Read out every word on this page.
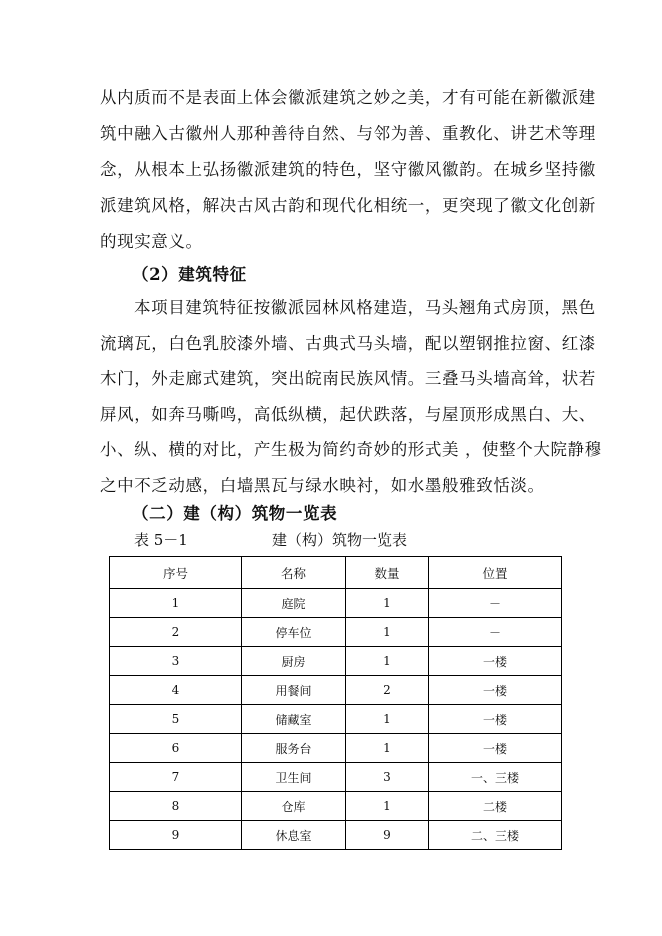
从内质而不是表面上体会徽派建筑之妙之美，才有可能在新徽派建
筑中融入古徽州人那种善待自然、与邻为善、重教化、讲艺术等理
念，从根本上弘扬徽派建筑的特色，坚守徽风徽韵。在城乡坚持徽
派建筑风格，解决古风古韵和现代化相统一，更突现了徽文化创新
的现实意义。
（2）建筑特征
本项目建筑特征按徽派园林风格建造，马头翘角式房顶，黑色
流璃瓦，白色乳胶漆外墙、古典式马头墙，配以塑钢推拉窗、红漆
木门，外走廊式建筑，突出皖南民族风情。三叠马头墙高耸，状若
屏风，如奔马嘶鸣，高低纵横，起伏跌落，与屋顶形成黑白、大、
小、纵、横的对比，产生极为简约奇妙的形式美 ，使整个大院静穆
之中不乏动感，白墙黑瓦与绿水映衬，如水墨般雅致恬淡。
（二）建（构）筑物一览表
表 5－1	建（构）筑物一览表
序号	名称	数量	位置
1	庭院	1	－
2	停车位	1	－
3	厨房	1	一楼
4	用餐间	2	一楼
5	储藏室	1	一楼
6	服务台	1	一楼
7	卫生间	3	一、三楼
8	仓库	1	二楼
9	休息室	9	二、三楼
